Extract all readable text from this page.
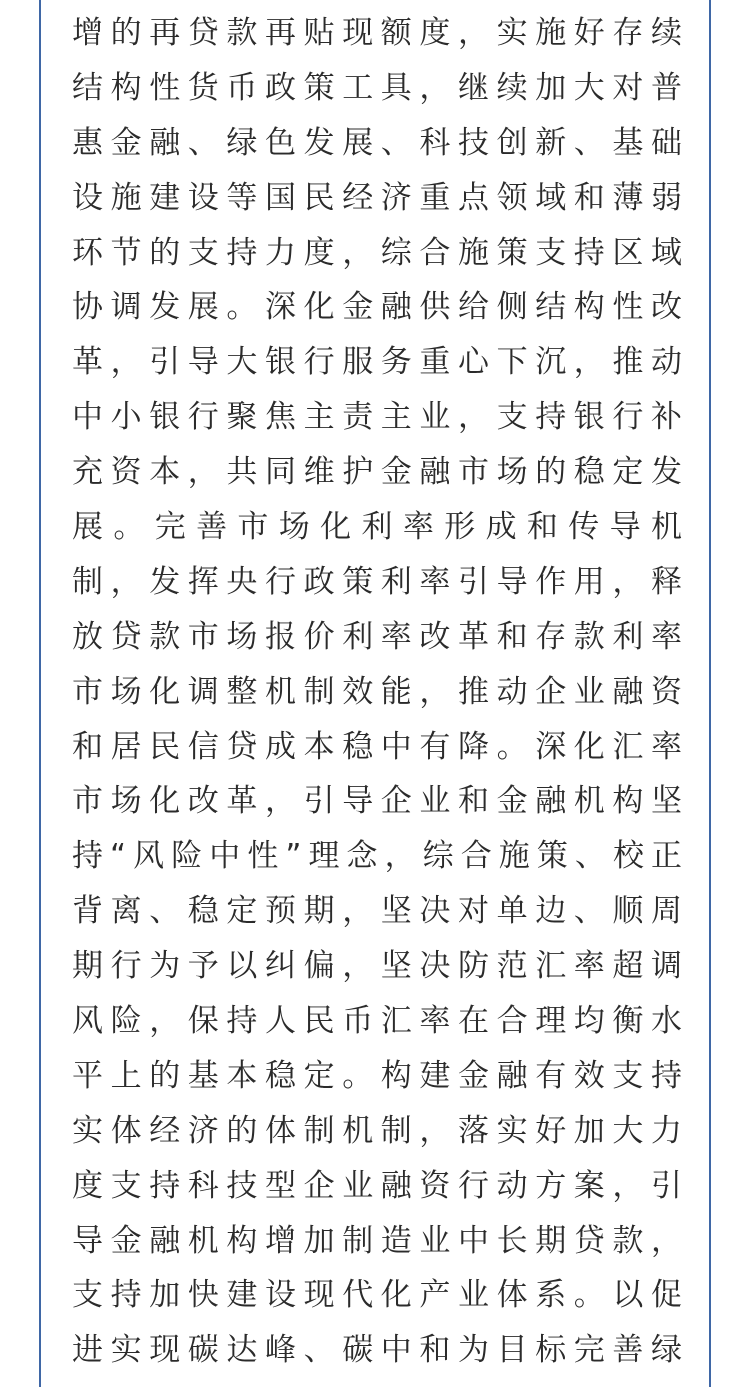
增的再贷款再贴现额度，实施好存续
结构性货币政策工具，继续加大对普
惠金融、绿色发展、科技创新、基础
设施建设等国民经济重点领域和薄弱
环节的支持力度，综合施策支持区域
协调发展。深化金融供给侧结构性改
革，引导大银行服务重心下沉，推动
中小银行聚焦主责主业，支持银行补
充资本，共同维护金融市场的稳定发
展。完善市场化利率形成和传导机
制，发挥央行政策利率引导作用，释
放贷款市场报价利率改革和存款利率
市场化调整机制效能，推动企业融资
和居民信贷成本稳中有降。深化汇率
市场化改革，引导企业和金融机构坚
持“风险中性”理念，综合施策、校正
背离、稳定预期，坚决对单边、顺周
期行为予以纠偏，坚决防范汇率超调
风险，保持人民币汇率在合理均衡水
平上的基本稳定。构建金融有效支持
实体经济的体制机制，落实好加大力
度支持科技型企业融资行动方案，引
导金融机构增加制造业中长期贷款，
支持加快建设现代化产业体系。以促
进实现碳达峰、碳中和为目标完善绿
